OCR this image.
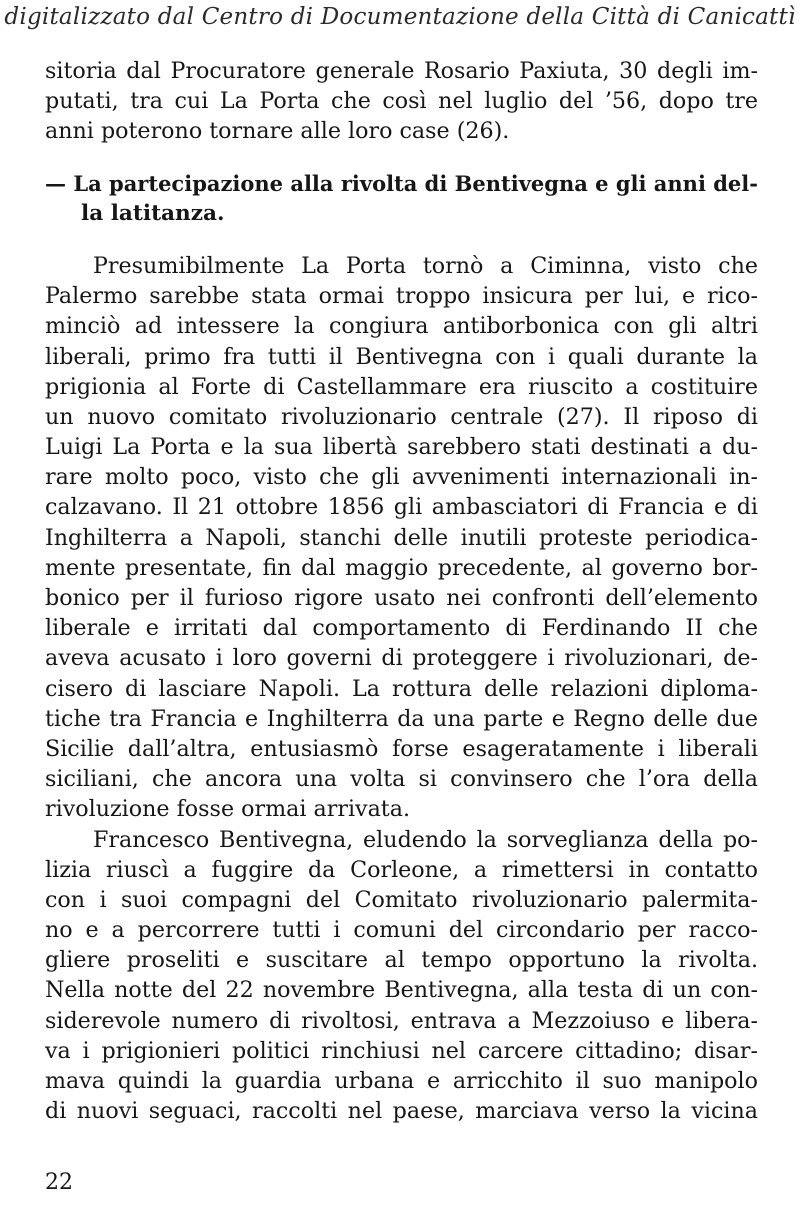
digitalizzato dal Centro di Documentazione della Città di Canicattì
sitoria dal Procuratore generale Rosario Paxiuta, 30 degli im-
putati, tra cui La Porta che così nel luglio del ’56, dopo tre
anni poterono tornare alle loro case (26).
— La partecipazione alla rivolta di Bentivegna e gli anni del-
la latitanza.
Presumibilmente La Porta tornò a Ciminna, visto che
Palermo sarebbe stata ormai troppo insicura per lui, e rico-
minciò ad intessere la congiura antiborbonica con gli altri
liberali, primo fra tutti il Bentivegna con i quali durante la
prigionia al Forte di Castellammare era riuscito a costituire
un nuovo comitato rivoluzionario centrale (27). Il riposo di
Luigi La Porta e la sua libertà sarebbero stati destinati a du-
rare molto poco, visto che gli avvenimenti internazionali in-
calzavano. Il 21 ottobre 1856 gli ambasciatori di Francia e di
Inghilterra a Napoli, stanchi delle inutili proteste periodica-
mente presentate, fin dal maggio precedente, al governo bor-
bonico per il furioso rigore usato nei confronti dell’elemento
liberale e irritati dal comportamento di Ferdinando II che
aveva acusato i loro governi di proteggere i rivoluzionari, de-
cisero di lasciare Napoli. La rottura delle relazioni diploma-
tiche tra Francia e Inghilterra da una parte e Regno delle due
Sicilie dall’altra, entusiasmò forse esageratamente i liberali
siciliani, che ancora una volta si convinsero che l’ora della
rivoluzione fosse ormai arrivata.
Francesco Bentivegna, eludendo la sorveglianza della po-
lizia riuscì a fuggire da Corleone, a rimettersi in contatto
con i suoi compagni del Comitato rivoluzionario palermita-
no e a percorrere tutti i comuni del circondario per racco-
gliere proseliti e suscitare al tempo opportuno la rivolta.
Nella notte del 22 novembre Bentivegna, alla testa di un con-
siderevole numero di rivoltosi, entrava a Mezzoiuso e libera-
va i prigionieri politici rinchiusi nel carcere cittadino; disar-
mava quindi la guardia urbana e arricchito il suo manipolo
di nuovi seguaci, raccolti nel paese, marciava verso la vicina
22
